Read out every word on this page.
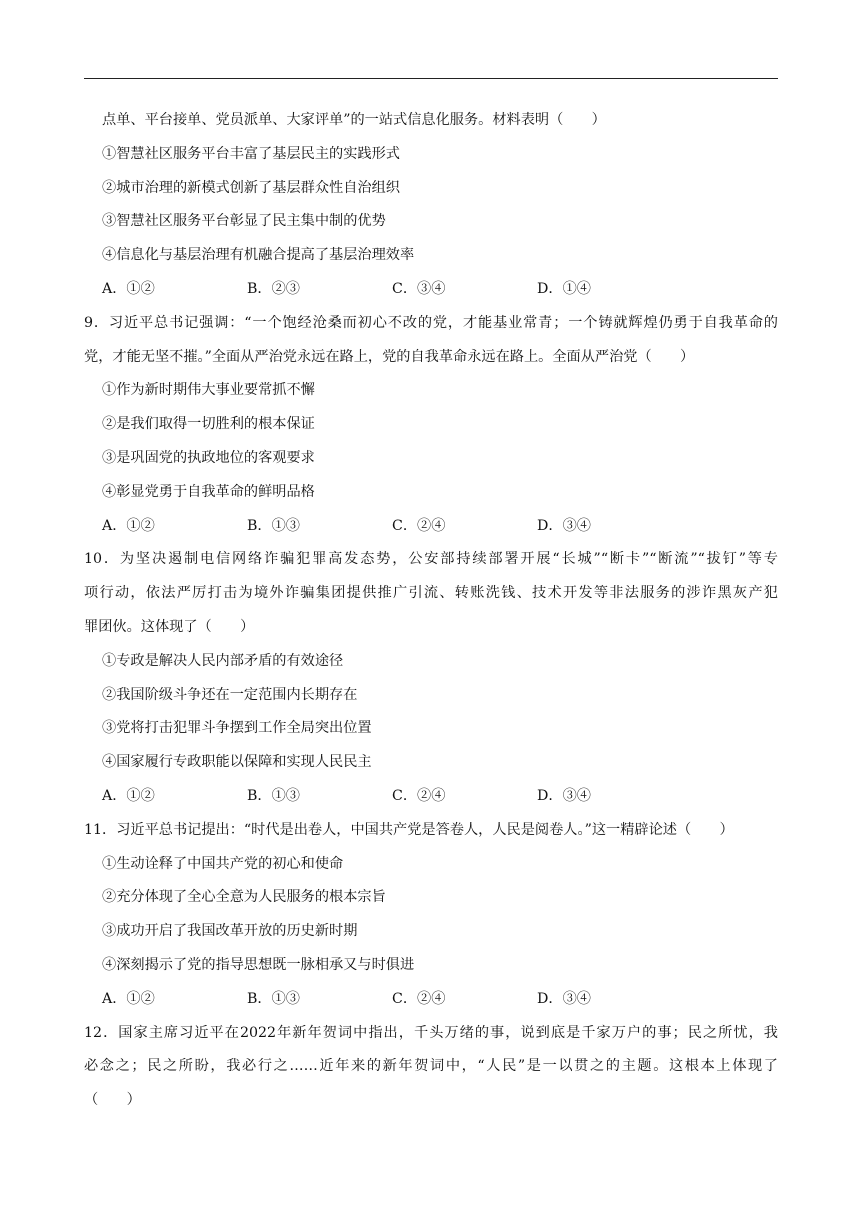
点单、平台接单、党员派单、大家评单”的一站式信息化服务。材料表明（　　）
①智慧社区服务平台丰富了基层民主的实践形式
②城市治理的新模式创新了基层群众性自治组织
③智慧社区服务平台彰显了民主集中制的优势
④信息化与基层治理有机融合提高了基层治理效率
A．①②	B．②③	C．③④	D．①④
9．习近平总书记强调：“一个饱经沧桑而初心不改的党，才能基业常青；一个铸就辉煌仍勇于自我革命的
党，才能无坚不摧。”全面从严治党永远在路上，党的自我革命永远在路上。全面从严治党（　　）
①作为新时期伟大事业要常抓不懈
②是我们取得一切胜利的根本保证
③是巩固党的执政地位的客观要求
④彰显党勇于自我革命的鲜明品格
A．①②	B．①③	C．②④	D．③④
10．为坚决遏制电信网络诈骗犯罪高发态势，公安部持续部署开展“长城”“断卡”“断流”“拔钉”等专
项行动，依法严厉打击为境外诈骗集团提供推广引流、转账洗钱、技术开发等非法服务的涉诈黑灰产犯
罪团伙。这体现了（　　）
①专政是解决人民内部矛盾的有效途径
②我国阶级斗争还在一定范围内长期存在
③党将打击犯罪斗争摆到工作全局突出位置
④国家履行专政职能以保障和实现人民民主
A．①②	B．①③	C．②④	D．③④
11．习近平总书记提出：“时代是出卷人，中国共产党是答卷人，人民是阅卷人。”这一精辟论述（　　）
①生动诠释了中国共产党的初心和使命
②充分体现了全心全意为人民服务的根本宗旨
③成功开启了我国改革开放的历史新时期
④深刻揭示了党的指导思想既一脉相承又与时俱进
A．①②	B．①③	C．②④	D．③④
12．国家主席习近平在2022年新年贺词中指出，千头万绪的事，说到底是千家万户的事；民之所忧，我
必念之；民之所盼，我必行之……近年来的新年贺词中，“人民”是一以贯之的主题。这根本上体现了
（　　）
